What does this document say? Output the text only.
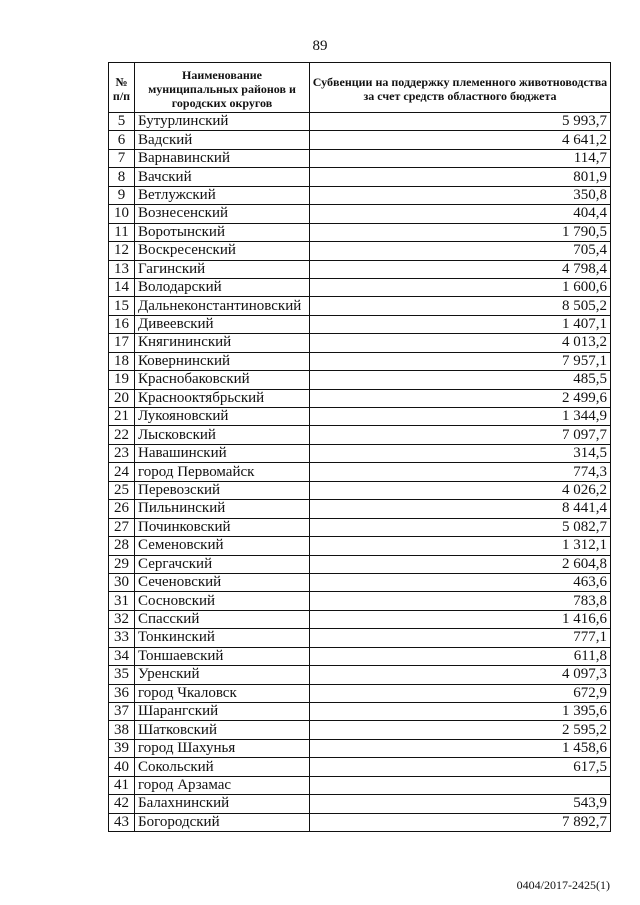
89
№ п/п	Наименование муниципальных районов и городских округов	Субвенции на поддержку племенного животноводства за счет средств областного бюджета
5	Бутурлинский	5 993,7
6	Вадский	4 641,2
7	Варнавинский	114,7
8	Вачский	801,9
9	Ветлужский	350,8
10	Вознесенский	404,4
11	Воротынский	1 790,5
12	Воскресенский	705,4
13	Гагинский	4 798,4
14	Володарский	1 600,6
15	Дальнеконстантиновский	8 505,2
16	Дивеевский	1 407,1
17	Княгининский	4 013,2
18	Ковернинский	7 957,1
19	Краснобаковский	485,5
20	Краснооктябрьский	2 499,6
21	Лукояновский	1 344,9
22	Лысковский	7 097,7
23	Навашинский	314,5
24	город Первомайск	774,3
25	Перевозский	4 026,2
26	Пильнинский	8 441,4
27	Починковский	5 082,7
28	Семеновский	1 312,1
29	Сергачский	2 604,8
30	Сеченовский	463,6
31	Сосновский	783,8
32	Спасский	1 416,6
33	Тонкинский	777,1
34	Тоншаевский	611,8
35	Уренский	4 097,3
36	город Чкаловск	672,9
37	Шарангский	1 395,6
38	Шатковский	2 595,2
39	город Шахунья	1 458,6
40	Сокольский	617,5
41	город Арзамас	
42	Балахнинский	543,9
43	Богородский	7 892,7
0404/2017-2425(1)
